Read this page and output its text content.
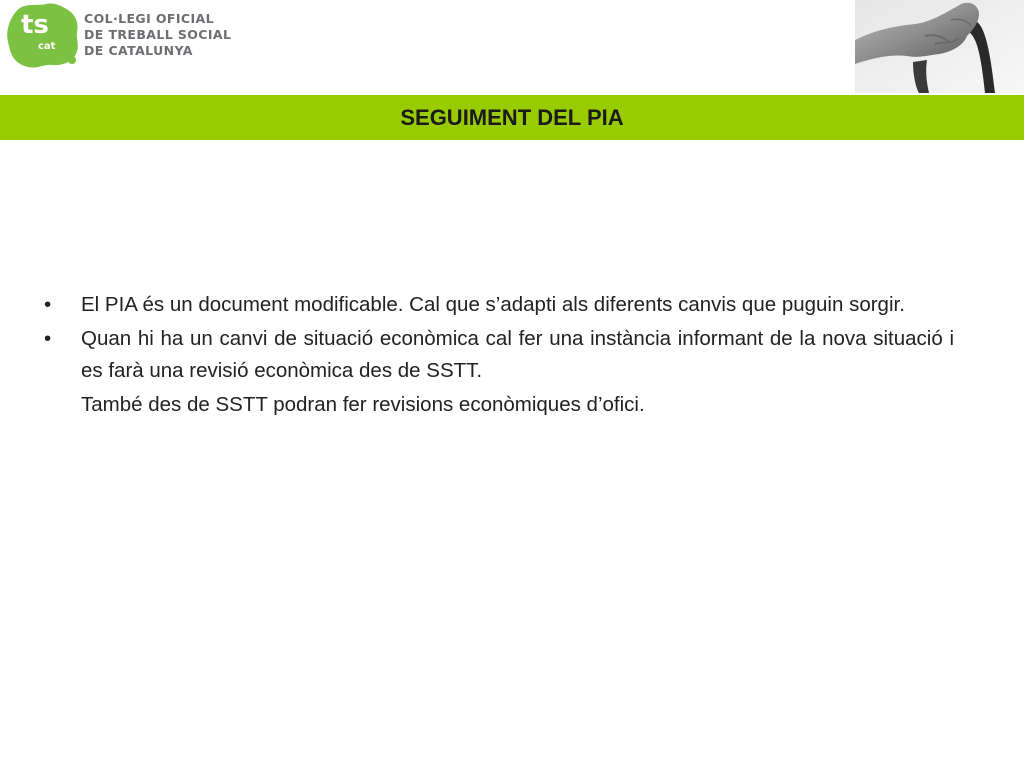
ts
cat
COL·LEGI OFICIAL
DE TREBALL SOCIAL
DE CATALUNYA
SEGUIMENT DEL PIA
•	El PIA és un document modificable. Cal que s’adapti als diferents canvis que puguin sorgir.
•	Quan hi ha un canvi de situació econòmica cal fer una instància informant de la nova situació i es farà una revisió econòmica des de SSTT.
També des de SSTT podran fer revisions econòmiques d’ofici.
